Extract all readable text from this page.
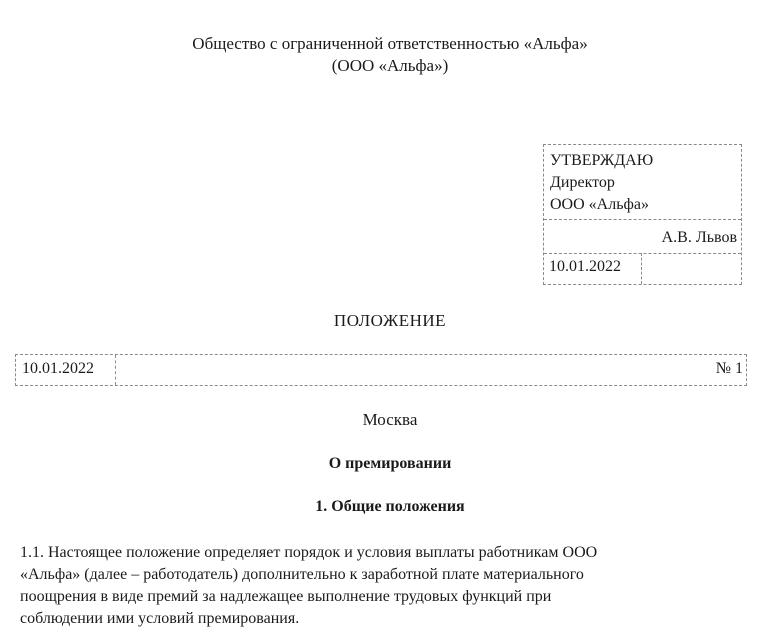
Общество с ограниченной ответственностью «Альфа»
(ООО «Альфа»)
УТВЕРЖДАЮ
Директор
ООО «Альфа»
А.В. Львов
10.01.2022
ПОЛОЖЕНИЕ
10.01.2022	№ 1
Москва
О премировании
1. Общие положения
1.1. Настоящее положение определяет порядок и условия выплаты работникам ООО
«Альфа» (далее – работодатель) дополнительно к заработной плате материального
поощрения в виде премий за надлежащее выполнение трудовых функций при
соблюдении ими условий премирования.
